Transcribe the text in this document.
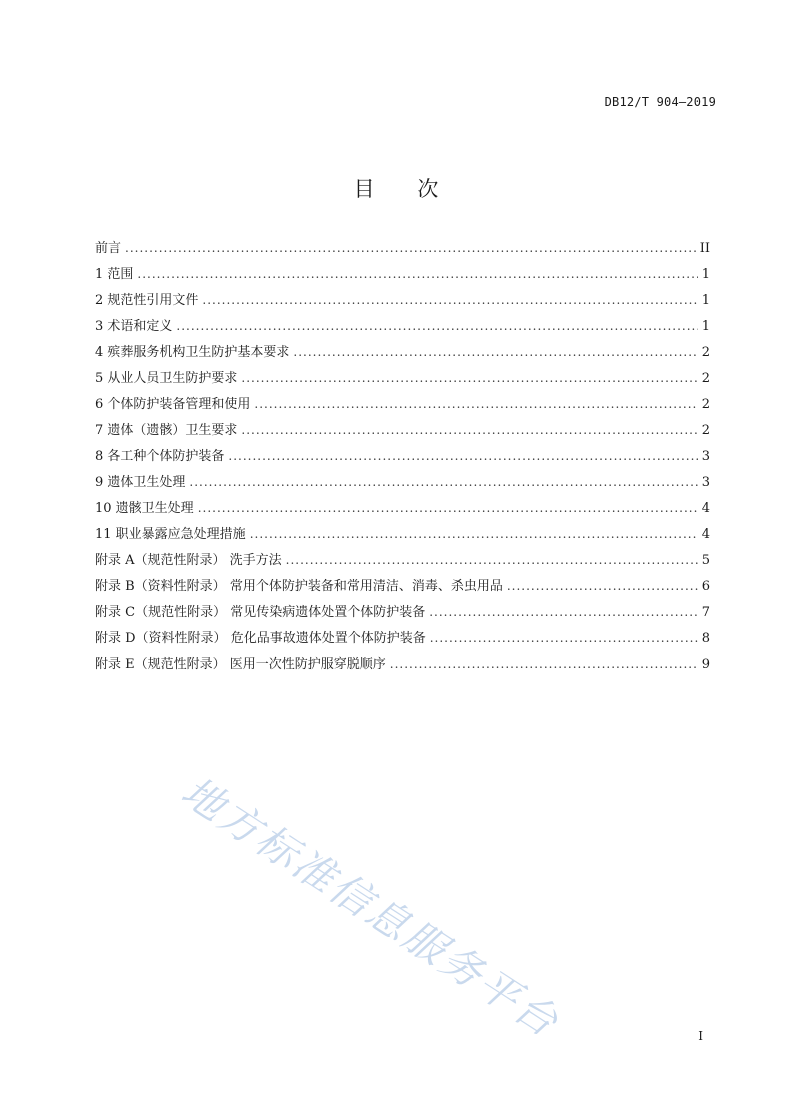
DB12/T 904—2019
目 次
前言 .....	II
1 范围 .....	1
2 规范性引用文件 .....	1
3 术语和定义 .....	1
4 殡葬服务机构卫生防护基本要求 .....	2
5 从业人员卫生防护要求 .....	2
6 个体防护装备管理和使用 .....	2
7 遗体（遗骸）卫生要求 .....	2
8 各工种个体防护装备 .....	3
9 遗体卫生处理 .....	3
10 遗骸卫生处理 .....	4
11 职业暴露应急处理措施 .....	4
附录 A（规范性附录） 洗手方法 .....	5
附录 B（资料性附录） 常用个体防护装备和常用清洁、消毒、杀虫用品 .....	6
附录 C（规范性附录） 常见传染病遗体处置个体防护装备 .....	7
附录 D（资料性附录） 危化品事故遗体处置个体防护装备 .....	8
附录 E（规范性附录） 医用一次性防护服穿脱顺序 .....	9
地方标准信息服务平台	I
